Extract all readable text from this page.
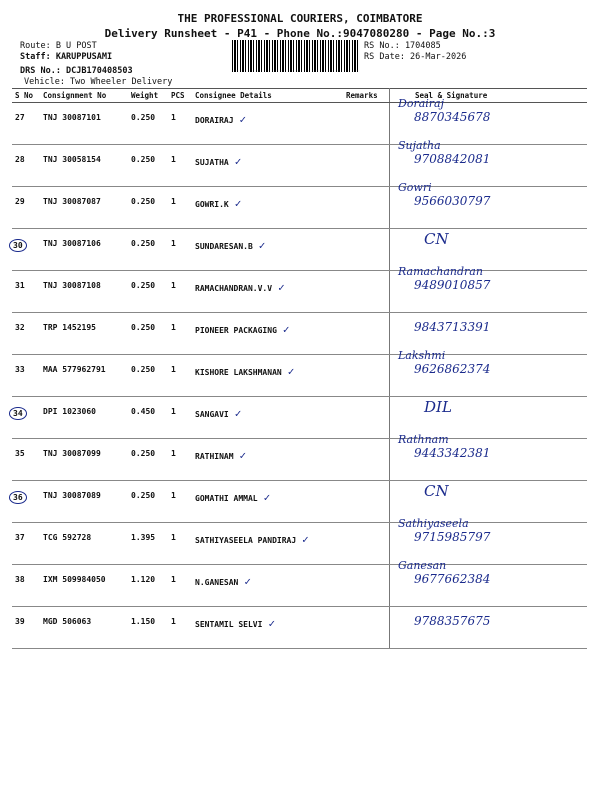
THE PROFESSIONAL COURIERS, COIMBATORE
Delivery Runsheet - P41 - Phone No.:9047080280 - Page No.:3
Route: B U POST
Staff: KARUPPUSAMI
DRS No.: DCJB170408503
Vehicle: Two Wheeler Delivery
RS No.: 1704085
RS Date: 26-Mar-2026
S No	Consignment No	Weight	PCS	Consignee Details	Remarks	Seal & Signature
27	TNJ 30087101	0.250	1	DORAIRAJ ✓		Dorairaj
8870345678

28	TNJ 30058154	0.250	1	SUJATHA ✓		Sujatha
9708842081

29	TNJ 30087087	0.250	1	GOWRI.K ✓		Gowri
9566030797

30	TNJ 30087106	0.250	1	SUNDARESAN.B ✓		CN

31	TNJ 30087108	0.250	1	RAMACHANDRAN.V.V ✓		Ramachandran
9489010857

32	TRP 1452195	0.250	1	PIONEER PACKAGING ✓		9843713391

33	MAA 577962791	0.250	1	KISHORE LAKSHMANAN ✓		Lakshmi
9626862374

34	DPI 1023060	0.450	1	SANGAVI ✓		DIL

35	TNJ 30087099	0.250	1	RATHINAM ✓		Rathnam
9443342381

36	TNJ 30087089	0.250	1	GOMATHI AMMAL ✓		CN

37	TCG 592728	1.395	1	SATHIYASEELA PANDIRAJ ✓		Sathiyaseela
9715985797

38	IXM 509984050	1.120	1	N.GANESAN ✓		Ganesan
9677662384

39	MGD 506063	1.150	1	SENTAMIL SELVI ✓		9788357675
